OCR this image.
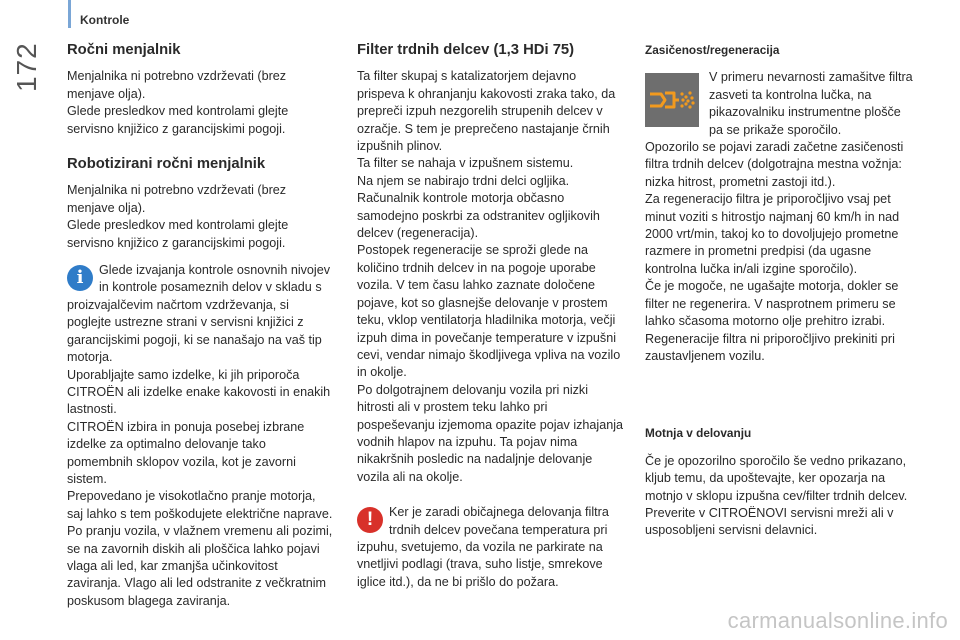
172
Kontrole
Ročni menjalnik

Menjalnika ni potrebno vzdrževati (brez menjave olja).

Glede presledkov med kontrolami glejte servisno knjižico z garancijskimi pogoji.

Robotizirani ročni menjalnik

Menjalnika ni potrebno vzdrževati (brez menjave olja).

Glede presledkov med kontrolami glejte servisno knjižico z garancijskimi pogoji.

i	Glede izvajanja kontrole osnovnih nivojev in kontrole posameznih delov v skladu s proizvajalčevim načrtom vzdrževanja, si poglejte ustrezne strani v servisni knjižici z garancijskimi pogoji, ki se nanašajo na vaš tip motorja.

Uporabljajte samo izdelke, ki jih priporoča CITROËN ali izdelke enake kakovosti in enakih lastnosti.

CITROËN izbira in ponuja posebej izbrane izdelke za optimalno delovanje tako pomembnih sklopov vozila, kot je zavorni sistem.

Prepovedano je visokotlačno pranje motorja, saj lahko s tem poškodujete električne naprave.

Po pranju vozila, v vlažnem vremenu ali pozimi, se na zavornih diskih ali ploščica lahko pojavi vlaga ali led, kar zmanjša učinkovitost zaviranja. Vlago ali led odstranite z večkratnim poskusom blagega zaviranja.

Filter trdnih delcev (1,3 HDi 75)

Ta filter skupaj s katalizatorjem dejavno prispeva k ohranjanju kakovosti zraka tako, da prepreči izpuh nezgorelih strupenih delcev v ozračje. S tem je preprečeno nastajanje črnih izpušnih plinov.

Ta filter se nahaja v izpušnem sistemu.

Na njem se nabirajo trdni delci ogljika. Računalnik kontrole motorja občasno samodejno poskrbi za odstranitev ogljikovih delcev (regeneracija).

Postopek regeneracije se sproži glede na količino trdnih delcev in na pogoje uporabe vozila. V tem času lahko zaznate določene pojave, kot so glasnejše delovanje v prostem teku, vklop ventilatorja hladilnika motorja, večji izpuh dima in povečanje temperature v izpušni cevi, vendar nimajo škodljivega vpliva na vozilo in okolje.

Po dolgotrajnem delovanju vozila pri nizki hitrosti ali v prostem teku lahko pri pospeševanju izjemoma opazite pojav izhajanja vodnih hlapov na izpuhu. Ta pojav nima nikakršnih posledic na nadaljnje delovanje vozila ali na okolje.

!	Ker je zaradi običajnega delovanja filtra trdnih delcev povečana temperatura pri izpuhu, svetujemo, da vozila ne parkirate na vnetljivi podlagi (trava, suho listje, smrekove iglice itd.), da ne bi prišlo do požara.

Zasičenost/regeneracija

V primeru nevarnosti zamašitve filtra zasveti ta kontrolna lučka, na pikazovalniku instrumentne plošče pa se prikaže sporočilo.

Opozorilo se pojavi zaradi začetne zasičenosti filtra trdnih delcev (dolgotrajna mestna vožnja: nizka hitrost, prometni zastoji itd.).

Za regeneracijo filtra je priporočljivo vsaj pet minut voziti s hitrostjo najmanj 60 km/h in nad 2000 vrt/min, takoj ko to dovoljujejo prometne razmere in prometni predpisi (da ugasne kontrolna lučka in/ali izgine sporočilo).

Če je mogoče, ne ugašajte motorja, dokler se filter ne regenerira. V nasprotnem primeru se lahko sčasoma motorno olje prehitro izrabi. Regeneracije filtra ni priporočljivo prekiniti pri zaustavljenem vozilu.

Motnja v delovanju

Če je opozorilno sporočilo še vedno prikazano, kljub temu, da upoštevajte, ker opozarja na motnjo v sklopu izpušna cev/filter trdnih delcev.

Preverite v CITROËNOVI servisni mreži ali v usposobljeni servisni delavnici.

carmanualsonline.info
